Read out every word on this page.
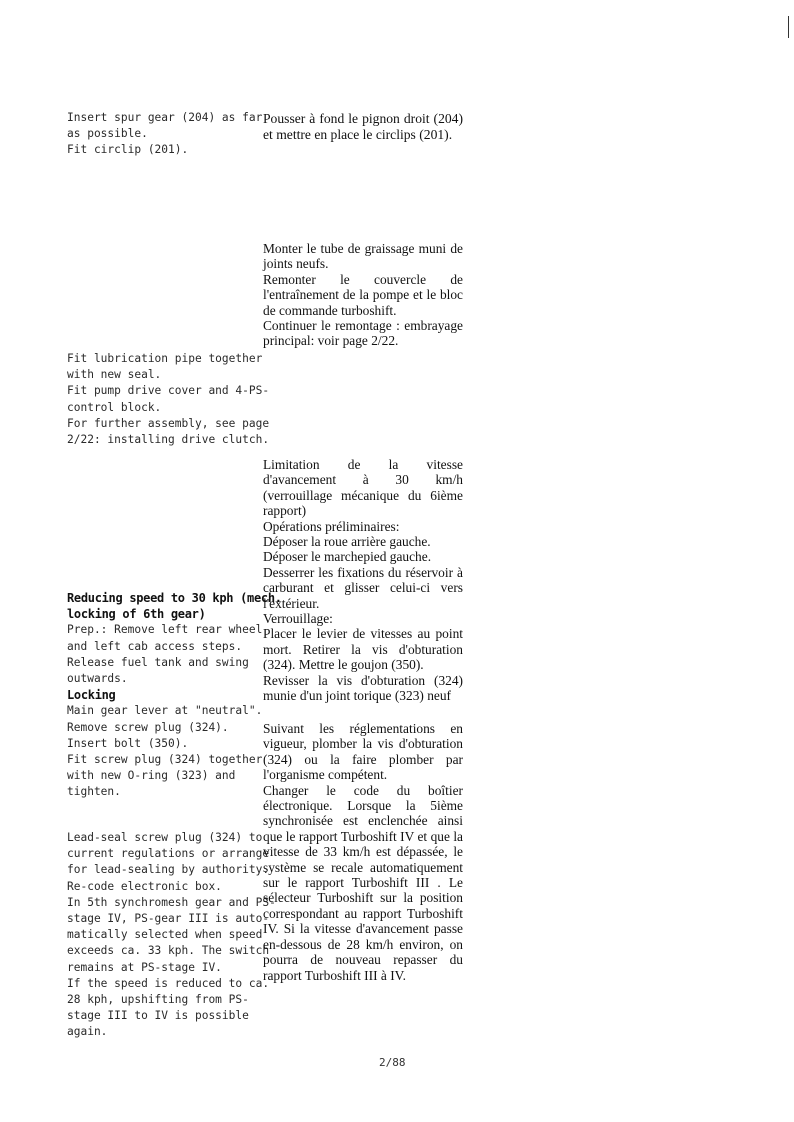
Insert spur gear (204) as far
as possible.
Fit circlip (201).
Pousser à fond le pignon droit (204) et mettre en place le circlips (201).
Fit lubrication pipe together
with new seal.
Fit pump drive cover and 4-PS-
control block.
For further assembly, see page
2/22: installing drive clutch.
Monter le tube de graissage muni de joints neufs.
Remonter le couvercle de l'entraînement de la pompe et le bloc de commande turboshift.
Continuer le remontage : embrayage principal: voir page 2/22.
Reducing speed to 30 kph (mech.
locking of 6th gear)
Prep.: Remove left rear wheel
and left cab access steps.
Release fuel tank and swing
outwards.
Locking
Main gear lever at "neutral".
Remove screw plug (324).
Insert bolt (350).
Fit screw plug (324) together
with new O-ring (323) and
tighten.
Limitation de la vitesse d'avancement à 30 km/h (verrouillage mécanique du 6ième rapport)
Opérations préliminaires:
Déposer la roue arrière gauche.
Déposer le marchepied gauche.
Desserrer les fixations du réservoir à carburant et glisser celui-ci vers l'extérieur.
Verrouillage:
Placer le levier de vitesses au point mort. Retirer la vis d'obturation (324). Mettre le goujon (350).
Revisser la vis d'obturation (324) munie d'un joint torique (323) neuf
Lead-seal screw plug (324) to
current regulations or arrange
for lead-sealing by authority.
Re-code electronic box.
In 5th synchromesh gear and PS-
stage IV, PS-gear III is auto-
matically selected when speed
exceeds ca. 33 kph. The switch
remains at PS-stage IV.
If the speed is reduced to ca.
28 kph, upshifting from PS-
stage III to IV is possible
again.
Suivant les réglementations en vigueur, plomber la vis d'obturation (324) ou la faire plomber par l'organisme compétent.
Changer le code du boîtier électronique. Lorsque la 5ième synchronisée est enclenchée ainsi que le rapport Turboshift IV et que la vitesse de 33 km/h est dépassée, le système se recale automatiquement sur le rapport Turboshift III . Le sélecteur Turboshift sur la position correspondant au rapport Turboshift IV. Si la vitesse d'avancement passe en-dessous de 28 km/h environ, on pourra de nouveau repasser du rapport Turboshift III à IV.
2/88
